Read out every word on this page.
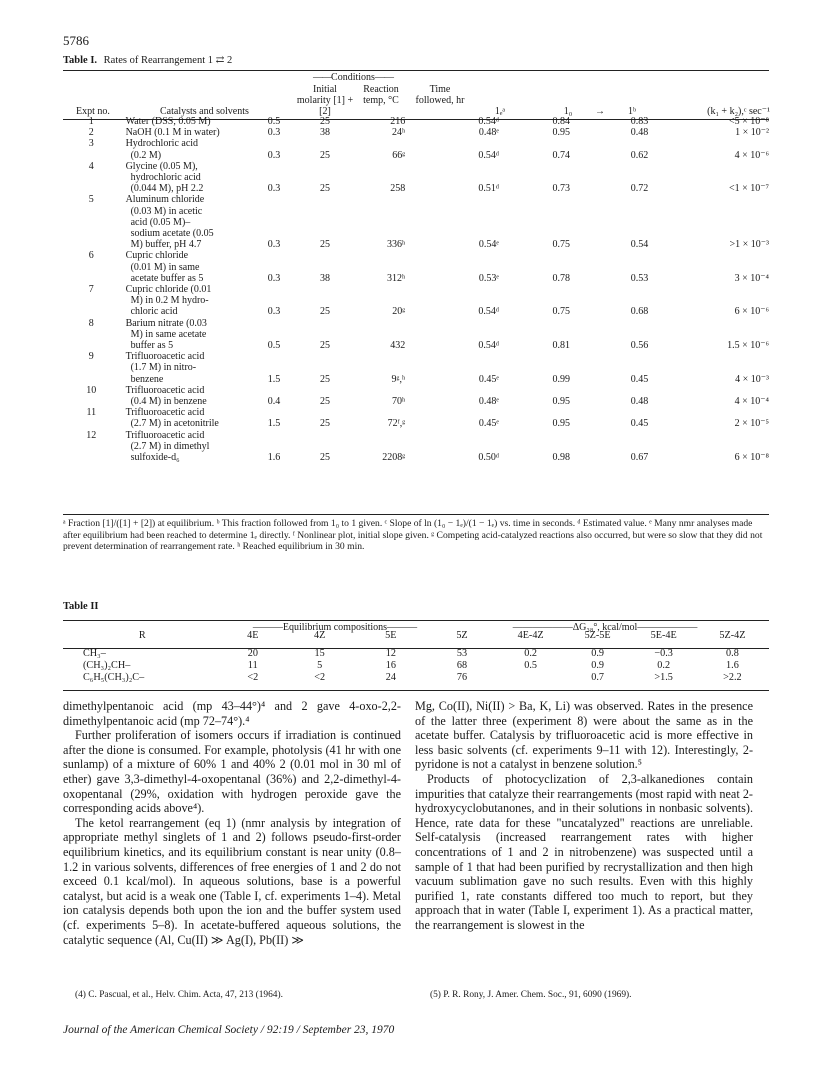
5786
Table I. Rates of Rearrangement 1 ⇄ 2
——Conditions——
Initial molarity [1] + [2]
Reaction temp, °C
Time followed, hr
Expt no.	Catalysts and solvents	1ₑᵃ	1₀	→	1ᵇ	(k₁ + k₂),ᶜ sec⁻¹
1	Water (DSS, 0.05 M)	0.5	25	216	0.54ᵈ	0.84		0.83	<5 × 10⁻⁸
2	NaOH (0.1 M in water)	0.3	38	24ʰ	0.48ᵉ	0.95		0.48	1 × 10⁻²
3	Hydrochloric acid
(0.2 M)	0.3	25	66ᵍ	0.54ᵈ	0.74		0.62	4 × 10⁻⁶
4	Glycine (0.05 M),
hydrochloric acid
(0.044 M), pH 2.2	0.3	25	258	0.51ᵈ	0.73		0.72	<1 × 10⁻⁷
5	Aluminum chloride
(0.03 M) in acetic
acid (0.05 M)–
sodium acetate (0.05
M) buffer, pH 4.7	0.3	25	336ʰ	0.54ᵉ	0.75		0.54	>1 × 10⁻³
6	Cupric chloride
(0.01 M) in same
acetate buffer as 5	0.3	38	312ʰ	0.53ᵉ	0.78		0.53	3 × 10⁻⁴
7	Cupric chloride (0.01
M) in 0.2 M hydro-
chloric acid	0.3	25	20ᵍ	0.54ᵈ	0.75		0.68	6 × 10⁻⁶
8	Barium nitrate (0.03
M) in same acetate
buffer as 5	0.5	25	432	0.54ᵈ	0.81		0.56	1.5 × 10⁻⁶
9	Trifluoroacetic acid
(1.7 M) in nitro-
benzene	1.5	25	9ᵍ,ʰ	0.45ᵉ	0.99		0.45	4 × 10⁻³
10	Trifluoroacetic acid
(0.4 M) in benzene	0.4	25	70ʰ	0.48ᵉ	0.95		0.48	4 × 10⁻⁴
11	Trifluoroacetic acid
(2.7 M) in acetonitrile	1.5	25	72ᶠ,ᵍ	0.45ᵉ	0.95		0.45	2 × 10⁻⁵
12	Trifluoroacetic acid
(2.7 M) in dimethyl
sulfoxide-d₆	1.6	25	2208ᵍ	0.50ᵈ	0.98		0.67	6 × 10⁻⁸
ᵃ Fraction [1]/([1] + [2]) at equilibrium. ᵇ This fraction followed from 1₀ to 1 given. ᶜ Slope of ln (1₀ − 1ₑ)/(1 − 1ₑ) vs. time in seconds. ᵈ Estimated value. ᵉ Many nmr analyses made after equilibrium had been reached to determine 1ₑ directly. ᶠ Nonlinear plot, initial slope given. ᵍ Competing acid-catalyzed reactions also occurred, but were so slow that they did not prevent determination of rearrangement rate. ʰ Reached equilibrium in 30 min.
Table II
———Equilibrium compositions———	——————ΔG₃₈°, kcal/mol——————
R	4E	4Z	5E	5Z	4E-4Z	5Z-5E	5E-4E	5Z-4Z
CH₃–	20	15	12	53	0.2	0.9	−0.3	0.8
(CH₃)₂CH–	11	5	16	68	0.5	0.9	0.2	1.6
C₆H₅(CH₃)₂C–	<2	<2	24	76		0.7	>1.5	>2.2

dimethylpentanoic acid (mp 43–44°)⁴ and 2 gave 4-oxo-2,2-dimethylpentanoic acid (mp 72–74°).⁴

Further proliferation of isomers occurs if irradiation is continued after the dione is consumed. For example, photolysis (41 hr with one sunlamp) of a mixture of 60% 1 and 40% 2 (0.01 mol in 30 ml of ether) gave 3,3-dimethyl-4-oxopentanal (36%) and 2,2-dimethyl-4-oxopentanal (29%, oxidation with hydrogen peroxide gave the corresponding acids above⁴).

The ketol rearrangement (eq 1) (nmr analysis by integration of appropriate methyl singlets of 1 and 2) follows pseudo-first-order equilibrium kinetics, and its equilibrium constant is near unity (0.8–1.2 in various solvents, differences of free energies of 1 and 2 do not exceed 0.1 kcal/mol). In aqueous solutions, base is a powerful catalyst, but acid is a weak one (Table I, cf. experiments 1–4). Metal ion catalysis depends both upon the ion and the buffer system used (cf. experiments 5–8). In acetate-buffered aqueous solutions, the catalytic sequence (Al, Cu(II) ≫ Ag(I), Pb(II) ≫

Mg, Co(II), Ni(II) > Ba, K, Li) was observed. Rates in the presence of the latter three (experiment 8) were about the same as in the acetate buffer. Catalysis by trifluoroacetic acid is more effective in less basic solvents (cf. experiments 9–11 with 12). Interestingly, 2-pyridone is not a catalyst in benzene solution.⁵

Products of photocyclization of 2,3-alkanediones contain impurities that catalyze their rearrangements (most rapid with neat 2-hydroxycyclobutanones, and in their solutions in nonbasic solvents). Hence, rate data for these "uncatalyzed" reactions are unreliable. Self-catalysis (increased rearrangement rates with higher concentrations of 1 and 2 in nitrobenzene) was suspected until a sample of 1 that had been purified by recrystallization and then high vacuum sublimation gave no such results. Even with this highly purified 1, rate constants differed too much to report, but they approach that in water (Table I, experiment 1). As a practical matter, the rearrangement is slowest in the

(4) C. Pascual, et al., Helv. Chim. Acta, 47, 213 (1964).	(5) P. R. Rony, J. Amer. Chem. Soc., 91, 6090 (1969).
Journal of the American Chemical Society / 92:19 / September 23, 1970
